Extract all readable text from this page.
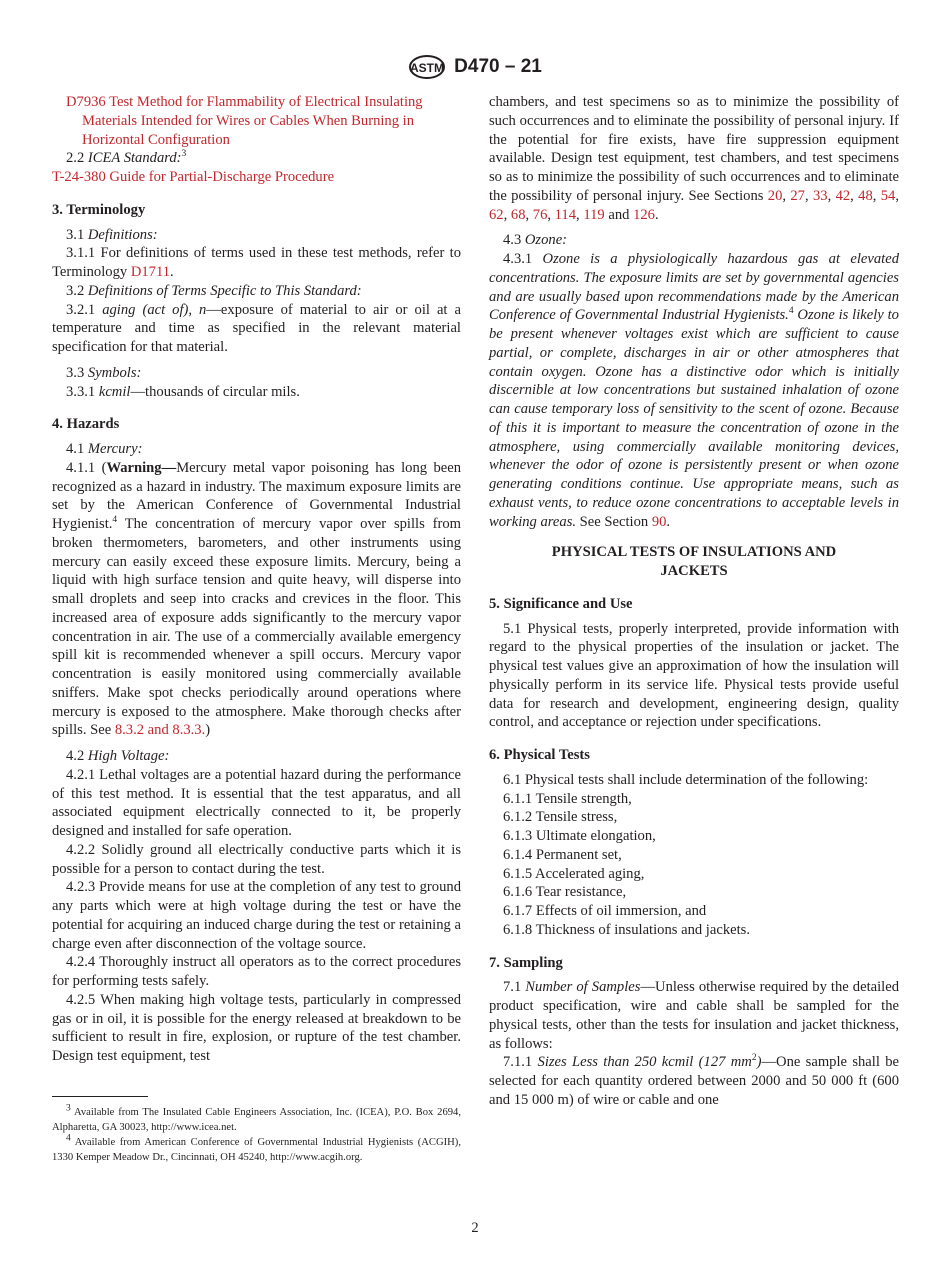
ASTM D470 – 21

D7936 Test Method for Flammability of Electrical Insulating Materials Intended for Wires or Cables When Burning in Horizontal Configuration

2.2 ICEA Standard:$^3$

T-24-380 Guide for Partial-Discharge Procedure

3. Terminology

3.1 Definitions:

3.1.1 For definitions of terms used in these test methods, refer to Terminology D1711.

3.2 Definitions of Terms Specific to This Standard:

3.2.1 aging (act of), n—exposure of material to air or oil at a temperature and time as specified in the relevant material specification for that material.

3.3 Symbols:

3.3.1 kcmil—thousands of circular mils.

4. Hazards

4.1 Mercury:

4.1.1 (Warning—Mercury metal vapor poisoning has long been recognized as a hazard in industry. The maximum exposure limits are set by the American Conference of Governmental Industrial Hygienist.$^4$ The concentration of mercury vapor over spills from broken thermometers, barometers, and other instruments using mercury can easily exceed these exposure limits. Mercury, being a liquid with high surface tension and quite heavy, will disperse into small droplets and seep into cracks and crevices in the floor. This increased area of exposure adds significantly to the mercury vapor concentration in air. The use of a commercially available emergency spill kit is recommended whenever a spill occurs. Mercury vapor concentration is easily monitored using commercially available sniffers. Make spot checks periodically around operations where mercury is exposed to the atmosphere. Make thorough checks after spills. See 8.3.2 and 8.3.3.)

4.2 High Voltage:

4.2.1 Lethal voltages are a potential hazard during the performance of this test method. It is essential that the test apparatus, and all associated equipment electrically connected to it, be properly designed and installed for safe operation.

4.2.2 Solidly ground all electrically conductive parts which it is possible for a person to contact during the test.

4.2.3 Provide means for use at the completion of any test to ground any parts which were at high voltage during the test or have the potential for acquiring an induced charge during the test or retaining a charge even after disconnection of the voltage source.

4.2.4 Thoroughly instruct all operators as to the correct procedures for performing tests safely.

4.2.5 When making high voltage tests, particularly in compressed gas or in oil, it is possible for the energy released at breakdown to be sufficient to result in fire, explosion, or rupture of the test chamber. Design test equipment, test

chambers, and test specimens so as to minimize the possibility of such occurrences and to eliminate the possibility of personal injury. If the potential for fire exists, have fire suppression equipment available. Design test equipment, test chambers, and test specimens so as to minimize the possibility of such occurrences and to eliminate the possibility of personal injury. See Sections 20, 27, 33, 42, 48, 54, 62, 68, 76, 114, 119 and 126.

4.3 Ozone:

4.3.1 Ozone is a physiologically hazardous gas at elevated concentrations. The exposure limits are set by governmental agencies and are usually based upon recommendations made by the American Conference of Governmental Industrial Hygienists.$^4$ Ozone is likely to be present whenever voltages exist which are sufficient to cause partial, or complete, discharges in air or other atmospheres that contain oxygen. Ozone has a distinctive odor which is initially discernible at low concentrations but sustained inhalation of ozone can cause temporary loss of sensitivity to the scent of ozone. Because of this it is important to measure the concentration of ozone in the atmosphere, using commercially available monitoring devices, whenever the odor of ozone is persistently present or when ozone generating conditions continue. Use appropriate means, such as exhaust vents, to reduce ozone concentrations to acceptable levels in working areas. See Section 90.

PHYSICAL TESTS OF INSULATIONS AND JACKETS

5. Significance and Use

5.1 Physical tests, properly interpreted, provide information with regard to the physical properties of the insulation or jacket. The physical test values give an approximation of how the insulation will physically perform in its service life. Physical tests provide useful data for research and development, engineering design, quality control, and acceptance or rejection under specifications.

6. Physical Tests

6.1 Physical tests shall include determination of the following:

6.1.1 Tensile strength,

6.1.2 Tensile stress,

6.1.3 Ultimate elongation,

6.1.4 Permanent set,

6.1.5 Accelerated aging,

6.1.6 Tear resistance,

6.1.7 Effects of oil immersion, and

6.1.8 Thickness of insulations and jackets.

7. Sampling

7.1 Number of Samples—Unless otherwise required by the detailed product specification, wire and cable shall be sampled for the physical tests, other than the tests for insulation and jacket thickness, as follows:

7.1.1 Sizes Less than 250 kcmil (127 $mm^2)—One$ sample shall be selected for each quantity ordered between 2000 and 50 000 ft (600 and 15 000 m) of wire or cable and one

$^3$ Available from The Insulated Cable Engineers Association, Inc. (ICEA), P.O. Box 2694, Alpharetta, GA 30023, http://www.icea.net.

$^4$ Available from American Conference of Governmental Industrial Hygienists (ACGIH), 1330 Kemper Meadow Dr., Cincinnati, OH 45240, http://www.acgih.org.

2
